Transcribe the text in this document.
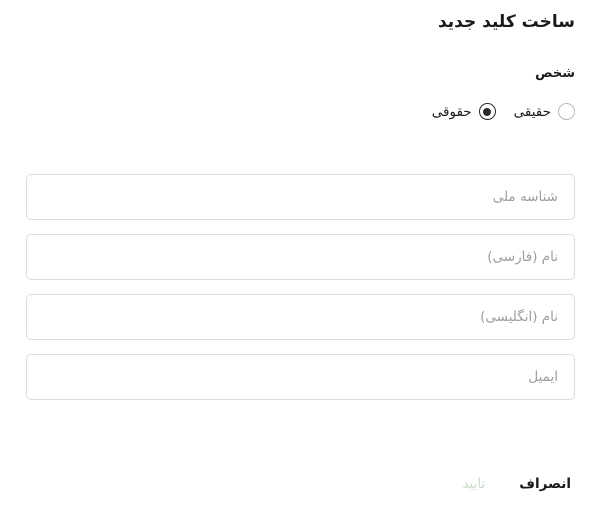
ساخت کلید جدید
شخص
حقیقی
حقوقی
شناسه ملی
نام (فارسی)
نام (انگلیسی)
ایمیل
انصراف
تایید
